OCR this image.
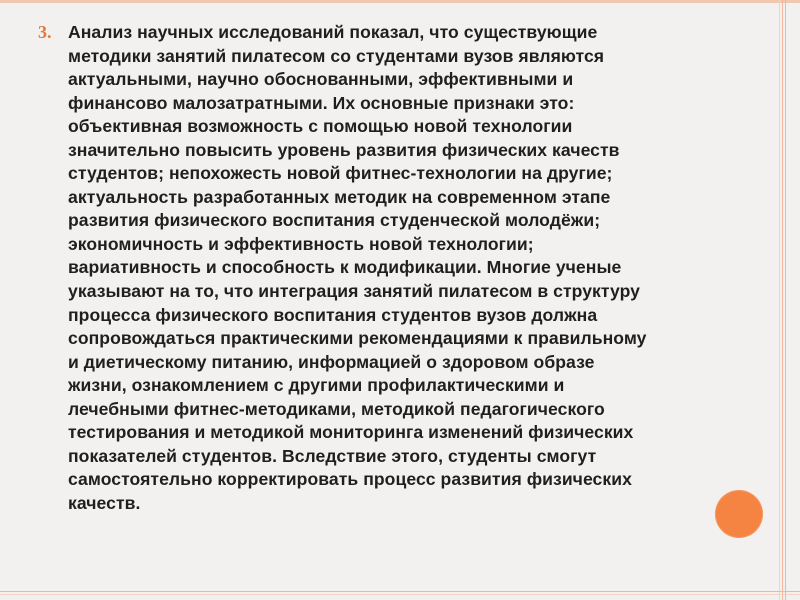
3. Анализ научных исследований показал, что существующие
методики занятий пилатесом со студентами вузов являются
актуальными, научно обоснованными, эффективными и
финансово малозатратными. Их основные признаки это:
объективная возможность с помощью новой технологии
значительно повысить уровень развития физических качеств
студентов; непохожесть новой фитнес-технологии на другие;
актуальность разработанных методик на современном этапе
развития физического воспитания студенческой молодёжи;
экономичность и эффективность новой технологии;
вариативность и способность к модификации. Многие ученые
указывают на то, что интеграция занятий пилатесом в структуру
процесса физического воспитания студентов вузов должна
сопровождаться практическими рекомендациями к правильному
и диетическому питанию, информацией о здоровом образе
жизни, ознакомлением с другими профилактическими и
лечебными фитнес-методиками, методикой педагогического
тестирования и методикой мониторинга изменений физических
показателей студентов. Вследствие этого, студенты смогут
самостоятельно корректировать процесс развития физических
качеств.
